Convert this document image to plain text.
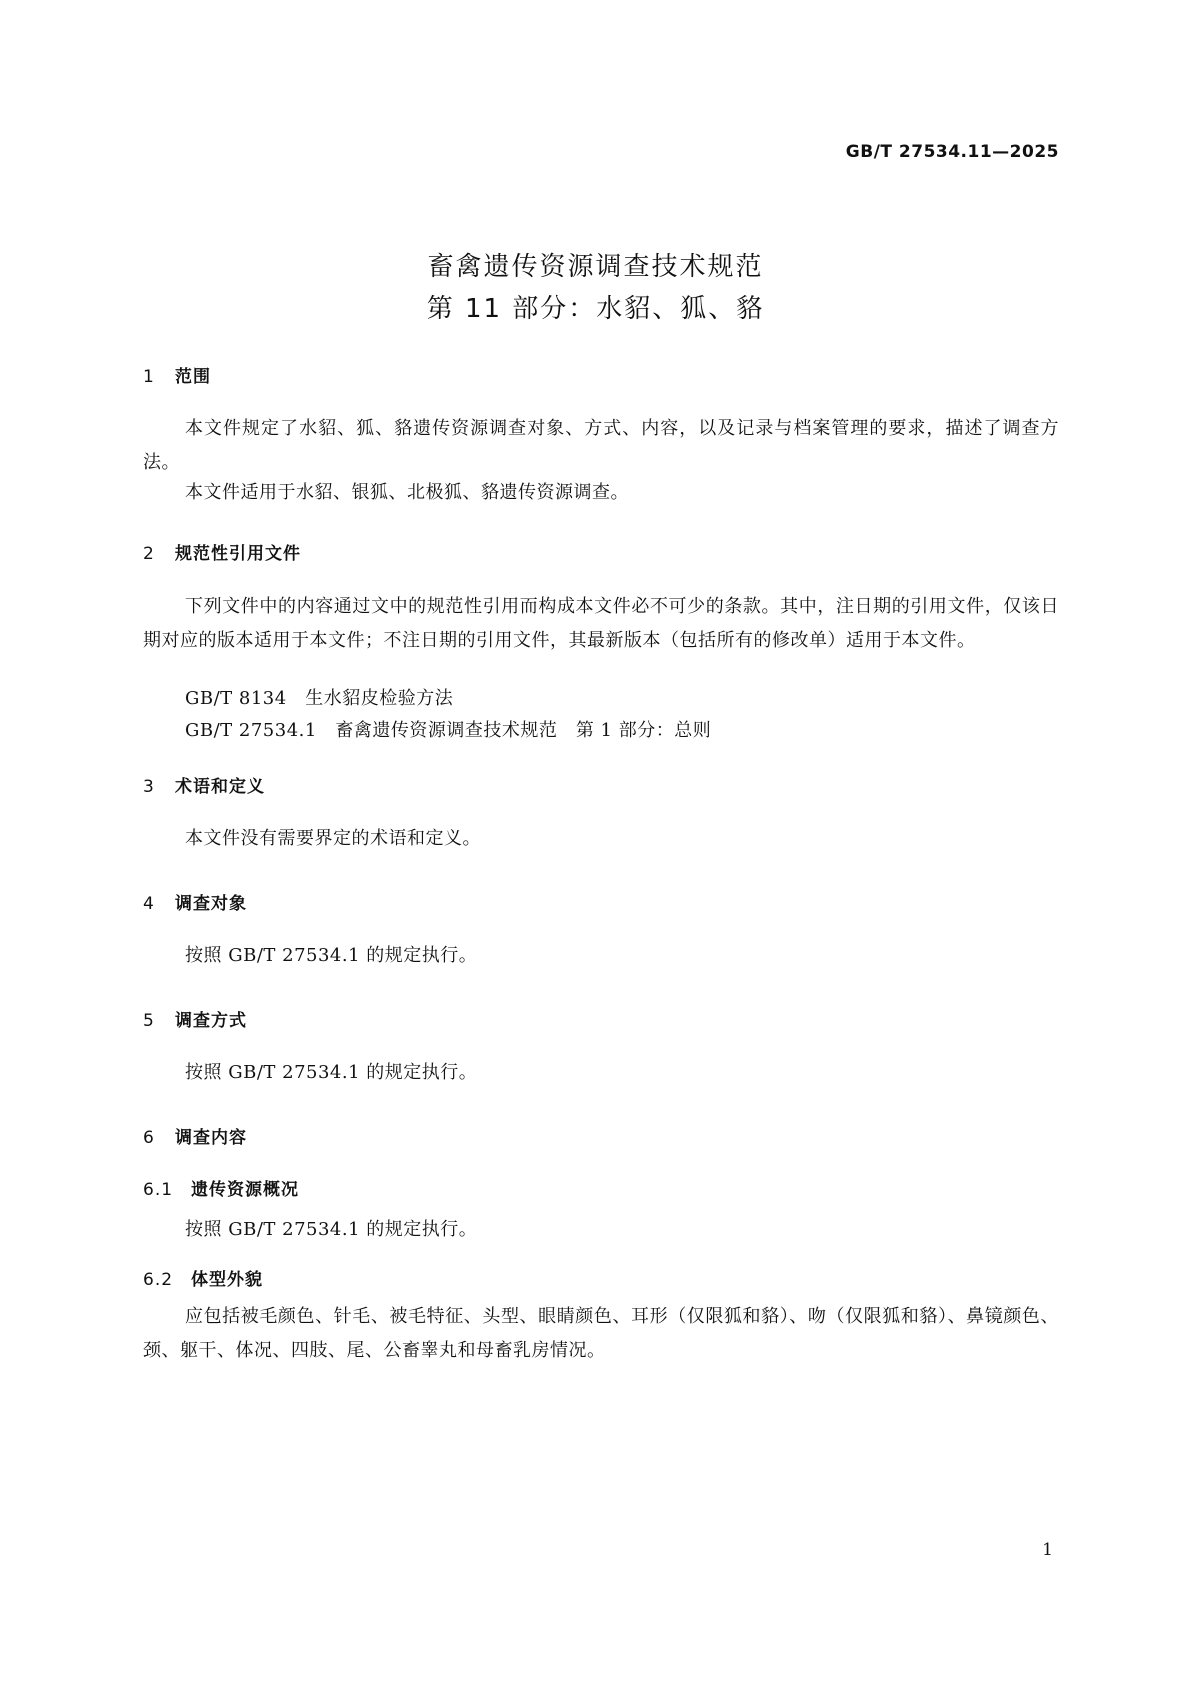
GB/T 27534.11—2025
畜禽遗传资源调查技术规范
第 11 部分：水貂、狐、貉
1 范围
本文件规定了水貂、狐、貉遗传资源调查对象、方式、内容，以及记录与档案管理的要求，描述了调查方法。
本文件适用于水貂、银狐、北极狐、貉遗传资源调查。
2 规范性引用文件
下列文件中的内容通过文中的规范性引用而构成本文件必不可少的条款。其中，注日期的引用文件，仅该日期对应的版本适用于本文件；不注日期的引用文件，其最新版本（包括所有的修改单）适用于本文件。
GB/T 8134　生水貂皮检验方法
GB/T 27534.1　畜禽遗传资源调查技术规范　第 1 部分：总则
3 术语和定义
本文件没有需要界定的术语和定义。
4 调查对象
按照 GB/T 27534.1 的规定执行。
5 调查方式
按照 GB/T 27534.1 的规定执行。
6 调查内容
6.1 遗传资源概况
按照 GB/T 27534.1 的规定执行。
6.2 体型外貌
应包括被毛颜色、针毛、被毛特征、头型、眼睛颜色、耳形（仅限狐和貉）、吻（仅限狐和貉）、鼻镜颜色、颈、躯干、体况、四肢、尾、公畜睾丸和母畜乳房情况。
1
